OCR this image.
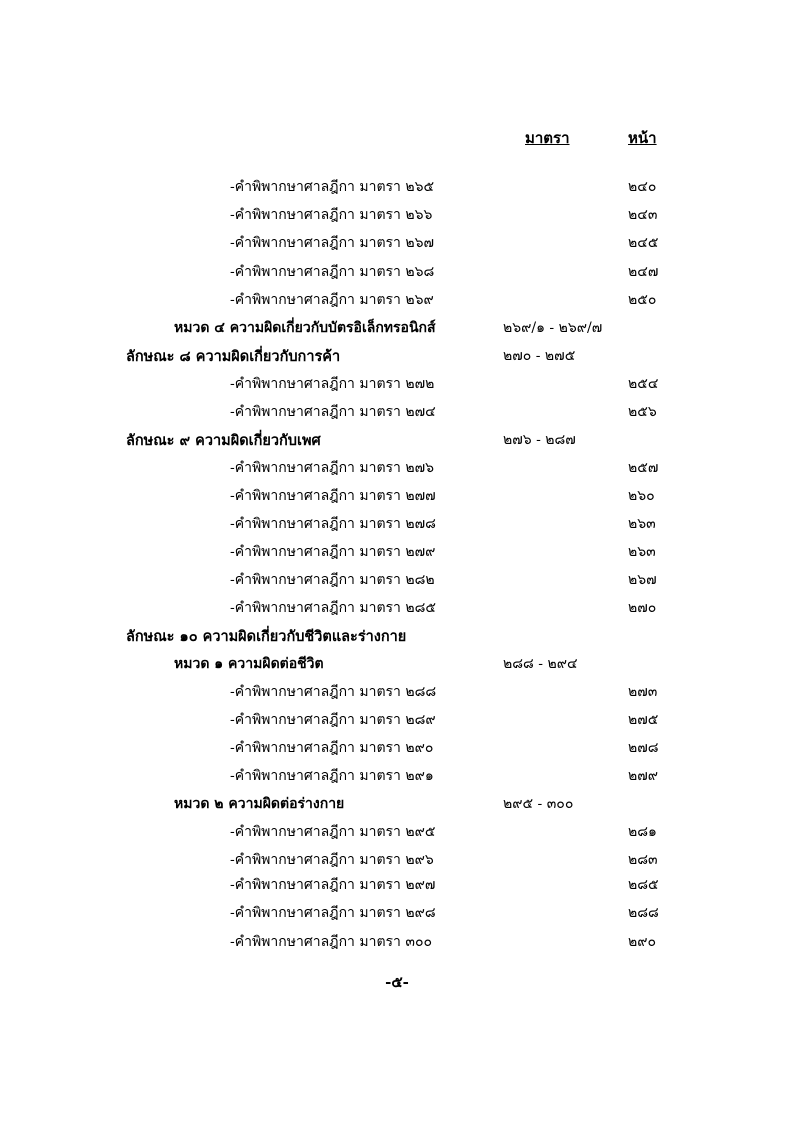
มาตรา	หน้า
-คำพิพากษาศาลฎีกา มาตรา ๒๖๕	๒๔๐
-คำพิพากษาศาลฎีกา มาตรา ๒๖๖	๒๔๓
-คำพิพากษาศาลฎีกา มาตรา ๒๖๗	๒๔๕
-คำพิพากษาศาลฎีกา มาตรา ๒๖๘	๒๔๗
-คำพิพากษาศาลฎีกา มาตรา ๒๖๙	๒๕๐
หมวด ๔ ความผิดเกี่ยวกับบัตรอิเล็กทรอนิกส์	๒๖๙/๑ - ๒๖๙/๗
ลักษณะ ๘ ความผิดเกี่ยวกับการค้า	๒๗๐ - ๒๗๕
-คำพิพากษาศาลฎีกา มาตรา ๒๗๒	๒๕๔
-คำพิพากษาศาลฎีกา มาตรา ๒๗๔	๒๕๖
ลักษณะ ๙ ความผิดเกี่ยวกับเพศ	๒๗๖ - ๒๘๗
-คำพิพากษาศาลฎีกา มาตรา ๒๗๖	๒๕๗
-คำพิพากษาศาลฎีกา มาตรา ๒๗๗	๒๖๐
-คำพิพากษาศาลฎีกา มาตรา ๒๗๘	๒๖๓
-คำพิพากษาศาลฎีกา มาตรา ๒๗๙	๒๖๓
-คำพิพากษาศาลฎีกา มาตรา ๒๘๒	๒๖๗
-คำพิพากษาศาลฎีกา มาตรา ๒๘๕	๒๗๐
ลักษณะ ๑๐ ความผิดเกี่ยวกับชีวิตและร่างกาย
หมวด ๑ ความผิดต่อชีวิต	๒๘๘ - ๒๙๔
-คำพิพากษาศาลฎีกา มาตรา ๒๘๘	๒๗๓
-คำพิพากษาศาลฎีกา มาตรา ๒๘๙	๒๗๕
-คำพิพากษาศาลฎีกา มาตรา ๒๙๐	๒๗๘
-คำพิพากษาศาลฎีกา มาตรา ๒๙๑	๒๗๙
หมวด ๒ ความผิดต่อร่างกาย	๒๙๕ - ๓๐๐
-คำพิพากษาศาลฎีกา มาตรา ๒๙๕	๒๘๑
-คำพิพากษาศาลฎีกา มาตรา ๒๙๖	๒๘๓
-คำพิพากษาศาลฎีกา มาตรา ๒๙๗	๒๘๕
-คำพิพากษาศาลฎีกา มาตรา ๒๙๘	๒๘๘
-คำพิพากษาศาลฎีกา มาตรา ๓๐๐	๒๙๐
-๕-
